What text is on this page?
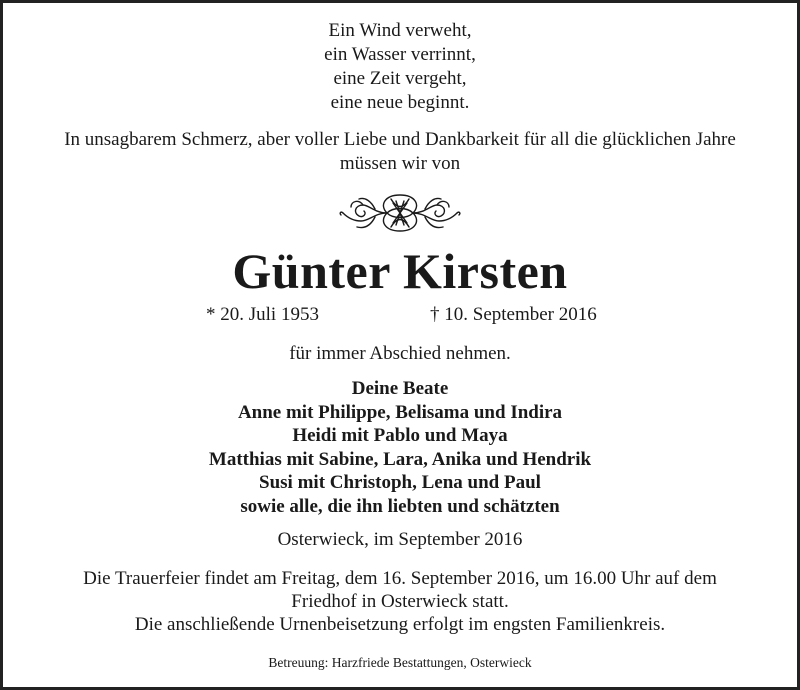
Ein Wind verweht,
ein Wasser verrinnt,
eine Zeit vergeht,
eine neue beginnt.
In unsagbarem Schmerz, aber voller Liebe und Dankbarkeit für all die glücklichen Jahre
müssen wir von
Günter Kirsten
* 20. Juli 1953	† 10. September 2016
für immer Abschied nehmen.
Deine Beate
Anne mit Philippe, Belisama und Indira
Heidi mit Pablo und Maya
Matthias mit Sabine, Lara, Anika und Hendrik
Susi mit Christoph, Lena und Paul
sowie alle, die ihn liebten und schätzten
Osterwieck, im September 2016
Die Trauerfeier findet am Freitag, dem 16. September 2016, um 16.00 Uhr auf dem
Friedhof in Osterwieck statt.
Die anschließende Urnenbeisetzung erfolgt im engsten Familienkreis.
Betreuung: Harzfriede Bestattungen, Osterwieck
